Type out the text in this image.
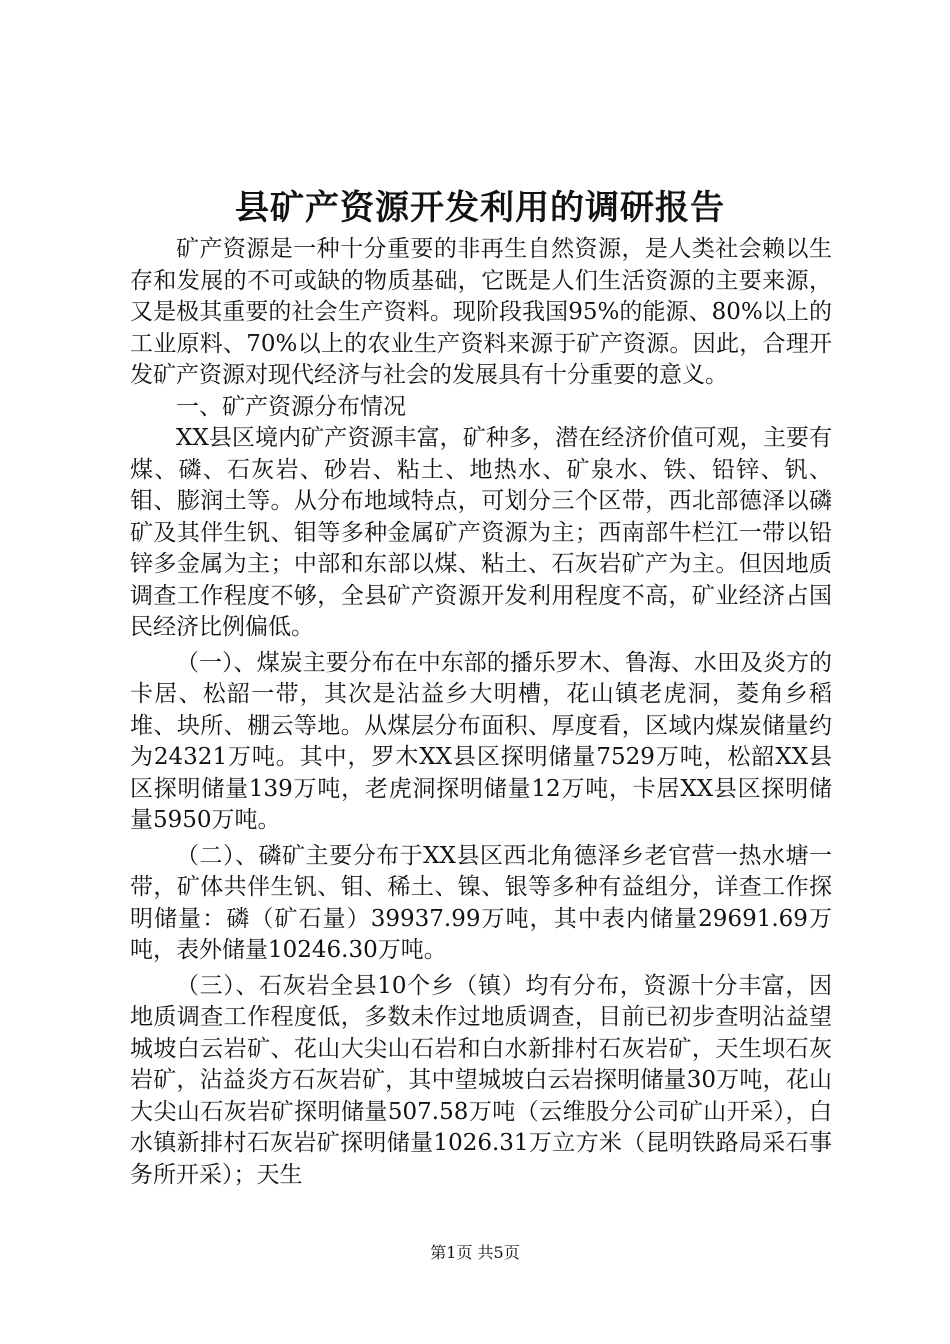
县矿产资源开发利用的调研报告

矿产资源是一种十分重要的非再生自然资源，是人类社会赖以生存和发展的不可或缺的物质基础，它既是人们生活资源的主要来源，又是极其重要的社会生产资料。现阶段我国95%的能源、80%以上的工业原料、70%以上的农业生产资料来源于矿产资源。因此，合理开发矿产资源对现代经济与社会的发展具有十分重要的意义。

一、矿产资源分布情况

XX县区境内矿产资源丰富，矿种多，潜在经济价值可观，主要有煤、磷、石灰岩、砂岩、粘土、地热水、矿泉水、铁、铅锌、钒、钼、膨润土等。从分布地域特点，可划分三个区带，西北部德泽以磷矿及其伴生钒、钼等多种金属矿产资源为主；西南部牛栏江一带以铅锌多金属为主；中部和东部以煤、粘土、石灰岩矿产为主。但因地质调查工作程度不够，全县矿产资源开发利用程度不高，矿业经济占国民经济比例偏低。

（一）、煤炭主要分布在中东部的播乐罗木、鲁海、水田及炎方的卡居、松韶一带，其次是沾益乡大明槽，花山镇老虎洞，菱角乡稻堆、块所、棚云等地。从煤层分布面积、厚度看，区域内煤炭储量约为24321万吨。其中，罗木XX县区探明储量7529万吨，松韶XX县区探明储量139万吨，老虎洞探明储量12万吨，卡居XX县区探明储量5950万吨。

（二）、磷矿主要分布于XX县区西北角德泽乡老官营一热水塘一带，矿体共伴生钒、钼、稀土、镍、银等多种有益组分，详查工作探明储量：磷（矿石量）39937.99万吨，其中表内储量29691.69万吨，表外储量10246.30万吨。

（三）、石灰岩全县10个乡（镇）均有分布，资源十分丰富，因地质调查工作程度低，多数未作过地质调查，目前已初步查明沾益望城坡白云岩矿、花山大尖山石岩和白水新排村石灰岩矿，天生坝石灰岩矿，沾益炎方石灰岩矿，其中望城坡白云岩探明储量30万吨，花山大尖山石灰岩矿探明储量507.58万吨（云维股分公司矿山开采），白水镇新排村石灰岩矿探明储量1026.31万立方米（昆明铁路局采石事务所开采）；天生

第1页 共5页
